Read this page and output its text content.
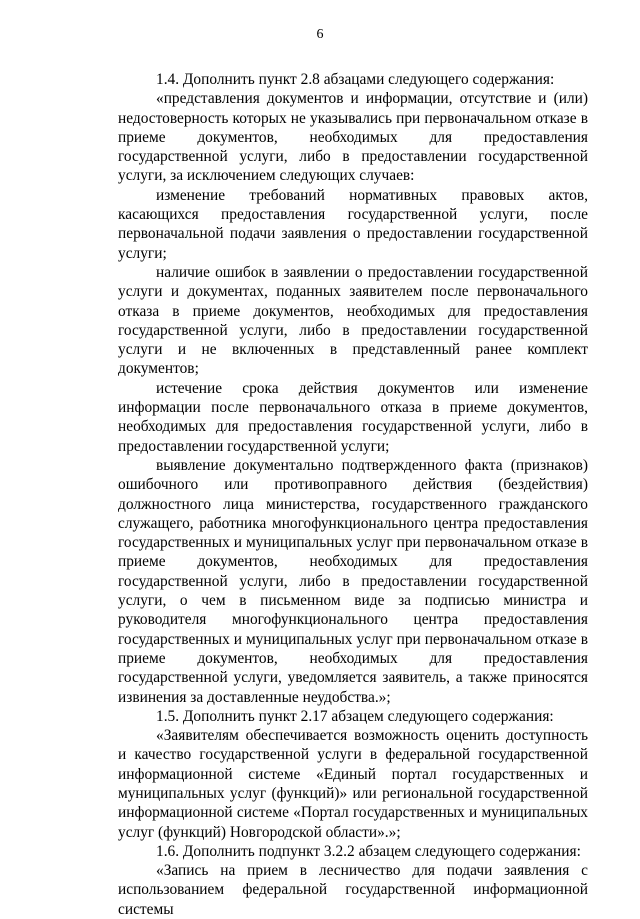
6

1.4. Дополнить пункт 2.8 абзацами следующего содержания:

«представления документов и информации, отсутствие и (или) недостоверность которых не указывались при первоначальном отказе в приеме документов, необходимых для предоставления государственной услуги, либо в предоставлении государственной услуги, за исключением следующих случаев:

изменение требований нормативных правовых актов, касающихся предоставления государственной услуги, после первоначальной подачи заявления о предоставлении государственной услуги;

наличие ошибок в заявлении о предоставлении государственной услуги и документах, поданных заявителем после первоначального отказа в приеме документов, необходимых для предоставления государственной услуги, либо в предоставлении государственной услуги и не включенных в представленный ранее комплект документов;

истечение срока действия документов или изменение информации после первоначального отказа в приеме документов, необходимых для предоставления государственной услуги, либо в предоставлении государственной услуги;

выявление документально подтвержденного факта (признаков) ошибочного или противоправного действия (бездействия) должностного лица министерства, государственного гражданского служащего, работника многофункционального центра предоставления государственных и муниципальных услуг при первоначальном отказе в приеме документов, необходимых для предоставления государственной услуги, либо в предоставлении государственной услуги, о чем в письменном виде за подписью министра и руководителя многофункционального центра предоставления государственных и муниципальных услуг при первоначальном отказе в приеме документов, необходимых для предоставления государственной услуги, уведомляется заявитель, а также приносятся извинения за доставленные неудобства.»;

1.5. Дополнить пункт 2.17 абзацем следующего содержания:

«Заявителям обеспечивается возможность оценить доступность и качество государственной услуги в федеральной государственной информационной системе «Единый портал государственных и муниципальных услуг (функций)» или региональной государственной информационной системе «Портал государственных и муниципальных услуг (функций) Новгородской области».»;

1.6. Дополнить подпункт 3.2.2 абзацем следующего содержания:

«Запись на прием в лесничество для подачи заявления с использованием федеральной государственной информационной системы
